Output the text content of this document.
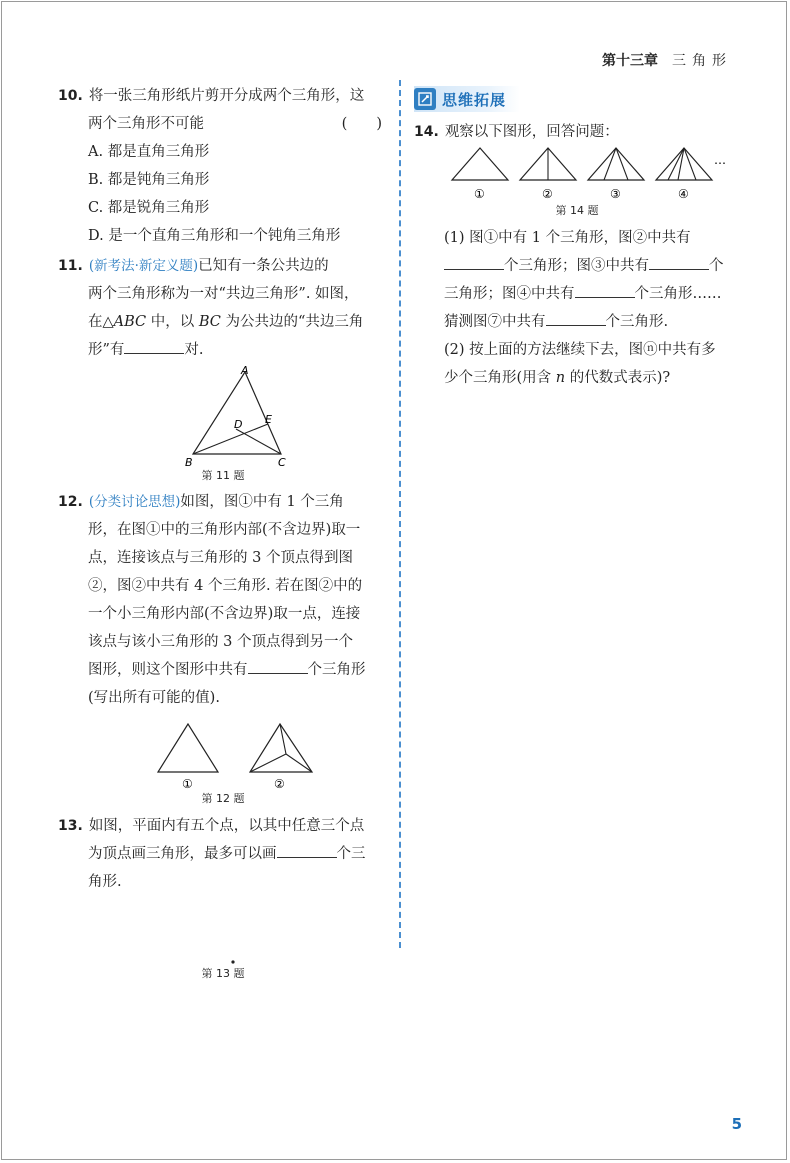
第十三章 三角形
10. 将一张三角形纸片剪开分成两个三角形，这
两个三角形不可能	(　　)
A. 都是直角三角形
B. 都是钝角三角形
C. 都是锐角三角形
D. 是一个直角三角形和一个钝角三角形
11. (新考法·新定义题)已知有一条公共边的
两个三角形称为一对“共边三角形”. 如图，
在△ABC 中，以 BC 为公共边的“共边三角
形”有	对.
A
B	C
D E
第 11 题
12. (分类讨论思想)如图，图①中有 1 个三角
形，在图①中的三角形内部(不含边界)取一
点，连接该点与三角形的 3 个顶点得到图
②，图②中共有 4 个三角形. 若在图②中的
一个小三角形内部(不含边界)取一点，连接
该点与该小三角形的 3 个顶点得到另一个
图形，则这个图形中共有	个三角形
(写出所有可能的值).
①	②
第 12 题
13. 如图，平面内有五个点，以其中任意三个点
为顶点画三角形，最多可以画	个三
角形.
第 13 题
思维拓展
14. 观察以下图形，回答问题：
…
①	②	③	④
第 14 题
(1) 图①中有 1 个三角形，图②中共有
个三角形；图③中共有	个
三角形；图④中共有	个三角形……
猜测图⑦中共有	个三角形.
(2) 按上面的方法继续下去，图ⓝ中共有多
少个三角形(用含 n 的代数式表示)?
5
